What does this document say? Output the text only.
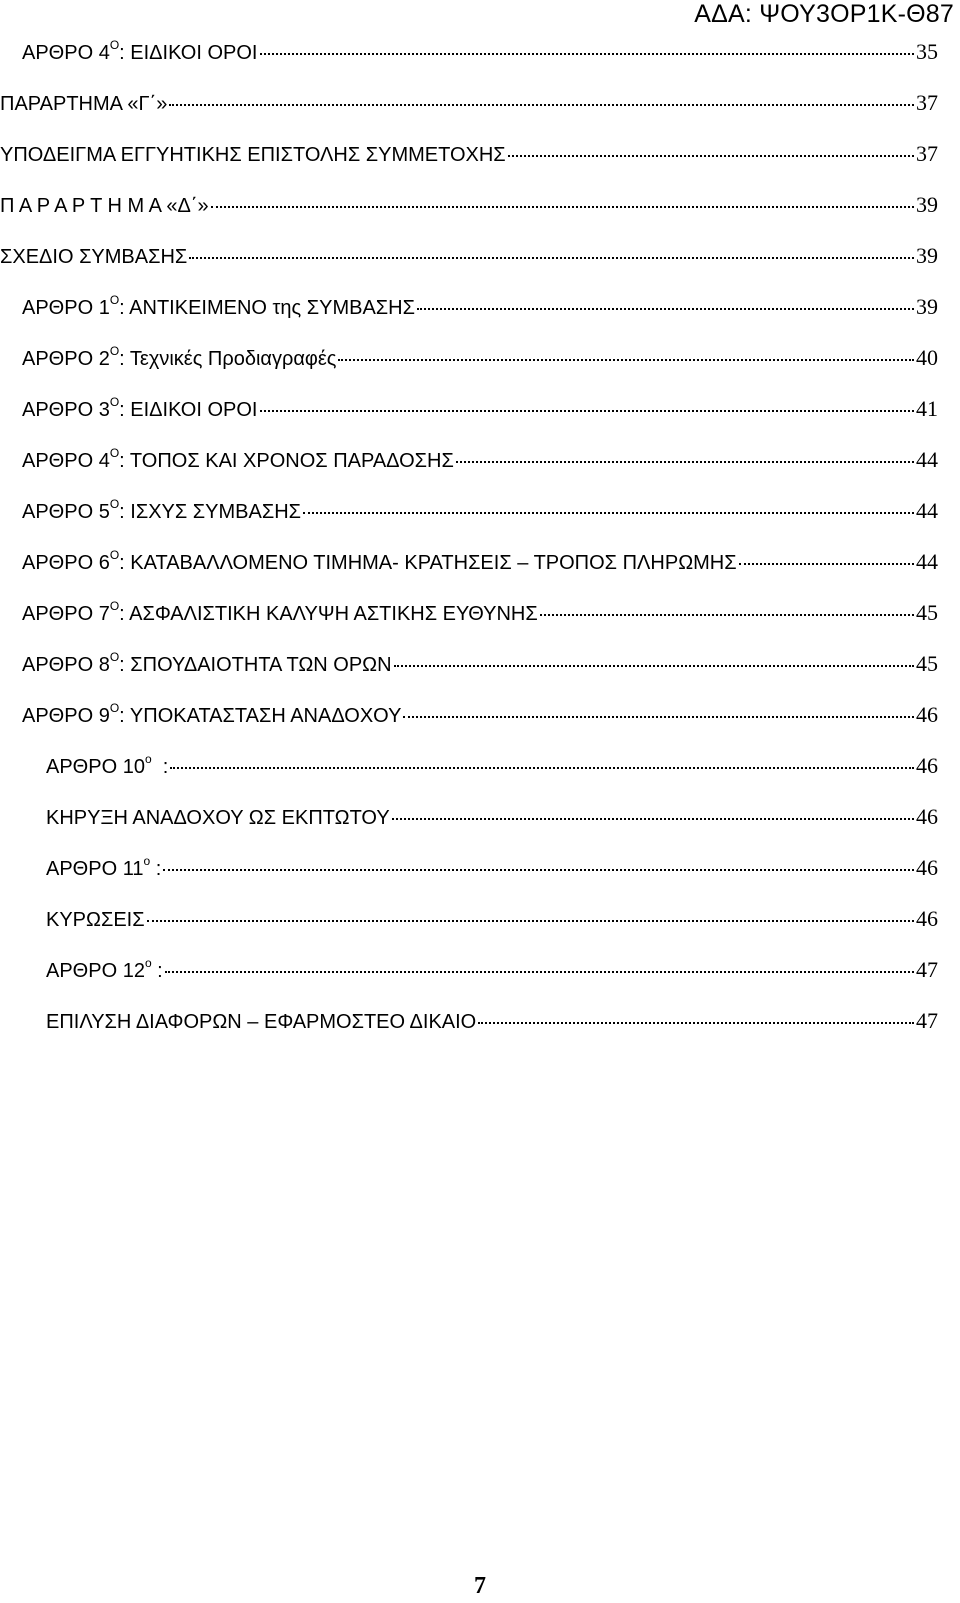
ΑΔΑ: ΨΟΥ3ΟΡ1Κ-Θ87
ΑΡΘΡΟ $4^O$: ΕΙΔΙΚΟΙ ΟΡΟΙ	35
ΠΑΡΑΡΤΗΜΑ «Γ΄»	37
ΥΠΟΔΕΙΓΜΑ ΕΓΓΥΗΤΙΚΗΣ ΕΠΙΣΤΟΛΗΣ ΣΥΜΜΕΤΟΧΗΣ	37
Π Α Ρ Α Ρ Τ Η Μ Α «Δ΄»	39
ΣΧΕΔΙΟ ΣΥΜΒΑΣΗΣ	39
ΑΡΘΡΟ $1^O$: ΑΝΤΙΚΕΙΜΕΝΟ της ΣΥΜΒΑΣΗΣ	39
ΑΡΘΡΟ $2^O$: Τεχνικές Προδιαγραφές	40
ΑΡΘΡΟ $3^O$: ΕΙΔΙΚΟΙ ΟΡΟΙ	41
ΑΡΘΡΟ $4^O$: ΤΟΠΟΣ ΚΑΙ ΧΡΟΝΟΣ ΠΑΡΑΔΟΣΗΣ	44
ΑΡΘΡΟ $5^O$: ΙΣΧΥΣ ΣΥΜΒΑΣΗΣ	44
ΑΡΘΡΟ $6^O$: ΚΑΤΑΒΑΛΛΟΜΕΝΟ ΤΙΜΗΜΑ- ΚΡΑΤΗΣΕΙΣ – ΤΡΟΠΟΣ ΠΛΗΡΩΜΗΣ	44
ΑΡΘΡΟ $7^O$: ΑΣΦΑΛΙΣΤΙΚΗ ΚΑΛΥΨΗ ΑΣΤΙΚΗΣ ΕΥΘΥΝΗΣ	45
ΑΡΘΡΟ $8^O$: ΣΠΟΥΔΑΙΟΤΗΤΑ ΤΩΝ ΟΡΩΝ	45
ΑΡΘΡΟ $9^O$: ΥΠΟΚΑΤΑΣΤΑΣΗ ΑΝΑΔΟΧΟΥ	46
ΑΡΘΡΟ $10^o$  :	46
ΚΗΡΥΞΗ ΑΝΑΔΟΧΟΥ ΩΣ ΕΚΠΤΩΤΟΥ	46
ΑΡΘΡΟ $11^o$ :	46
ΚΥΡΩΣΕΙΣ	46
ΑΡΘΡΟ $12^o$ :	47
ΕΠΙΛΥΣΗ ΔΙΑΦΟΡΩΝ – ΕΦΑΡΜΟΣΤΕΟ ΔΙΚΑΙΟ	47
7
